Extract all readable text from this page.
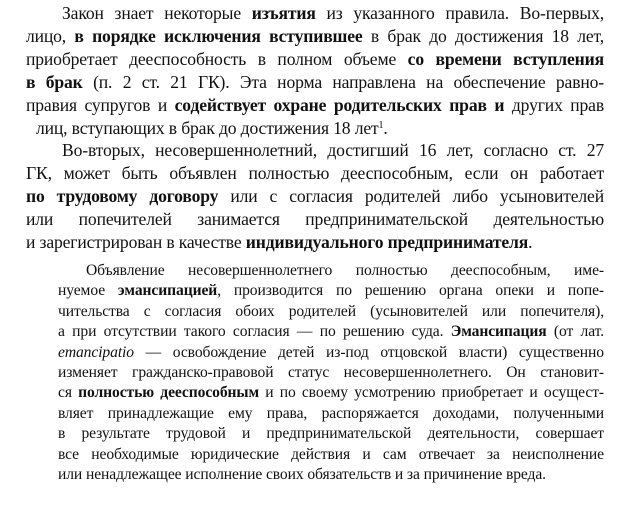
Закон знает некоторые изъятия из указанного правила. Во-первых,
лицо, в порядке исключения вступившее в брак до достижения 18 лет,
приобретает дееспособность в полном объеме со времени вступления
в брак (п. 2 ст. 21 ГК). Эта норма направлена на обеспечение равно-
правия супругов и содействует охране родительских прав и других прав
лиц, вступающих в брак до достижения 18 лет$^1$.
Во-вторых, несовершеннолетний, достигший 16 лет, согласно ст. 27
ГК, может быть объявлен полностью дееспособным, если он работает
по трудовому договору или с согласия родителей либо усыновителей
или попечителей занимается предпринимательской деятельностью
и зарегистрирован в качестве индивидуального предпринимателя.
Объявление несовершеннолетнего полностью дееспособным, име-
нуемое эмансипацией, производится по решению органа опеки и попе-
чительства с согласия обоих родителей (усыновителей или попечителя),
а при отсутствии такого согласия — по решению суда. Эмансипация (от лат.
emancipatio — освобождение детей из-под отцовской власти) существенно
изменяет гражданско-правовой статус несовершеннолетнего. Он становит-
ся полностью дееспособным и по своему усмотрению приобретает и осущест-
вляет принадлежащие ему права, распоряжается доходами, полученными
в результате трудовой и предпринимательской деятельности, совершает
все необходимые юридические действия и сам отвечает за неисполнение
или ненадлежащее исполнение своих обязательств и за причинение вреда.
